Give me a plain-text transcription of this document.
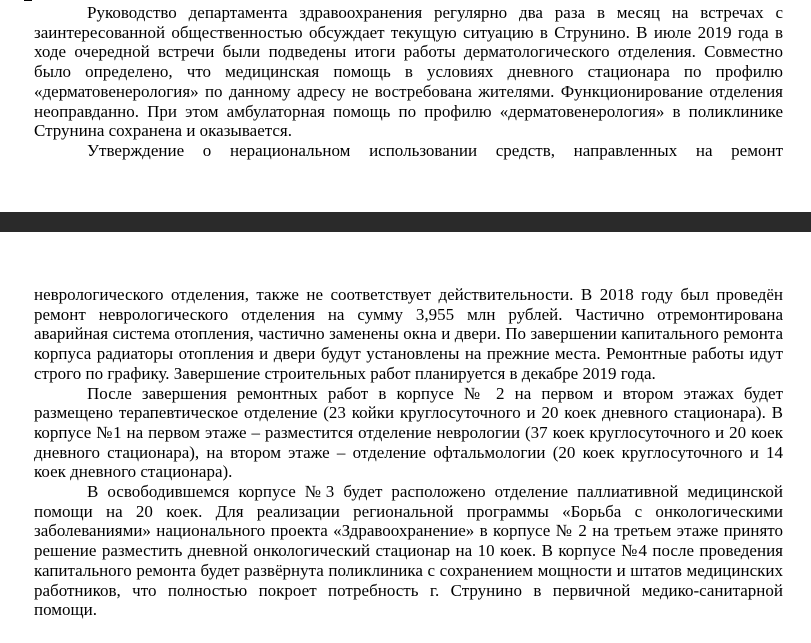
Руководство департамента здравоохранения регулярно два раза в месяц на встречах с заинтересованной общественностью обсуждает текущую ситуацию в Струнино. В июле 2019 года в ходе очередной встречи были подведены итоги работы дерматологического отделения. Совместно было определено, что медицинская помощь в условиях дневного стационара по профилю «дерматовенерология» по данному адресу не востребована жителями. Функционирование отделения неоправданно. При этом амбулаторная помощь по профилю «дерматовенерология» в поликлинике Струнина сохранена и оказывается.

Утверждение о нерациональном использовании средств, направленных на ремонт

неврологического отделения, также не соответствует действительности. В 2018 году был проведён ремонт неврологического отделения на сумму 3,955 млн рублей. Частично отремонтирована аварийная система отопления, частично заменены окна и двери. По завершении капитального ремонта корпуса радиаторы отопления и двери будут установлены на прежние места. Ремонтные работы идут строго по графику. Завершение строительных работ планируется в декабре 2019 года.

После завершения ремонтных работ в корпусе № 2 на первом и втором этажах будет размещено терапевтическое отделение (23 койки круглосуточного и 20 коек дневного стационара). В корпусе №1 на первом этаже – разместится отделение неврологии (37 коек круглосуточного и 20 коек дневного стационара), на втором этаже – отделение офтальмологии (20 коек круглосуточного и 14 коек дневного стационара).

В освободившемся корпусе №3 будет расположено отделение паллиативной медицинской помощи на 20 коек. Для реализации региональной программы «Борьба с онкологическими заболеваниями» национального проекта «Здравоохранение» в корпусе № 2 на третьем этаже принято решение разместить дневной онкологический стационар на 10 коек. В корпусе №4 после проведения капитального ремонта будет развёрнута поликлиника с сохранением мощности и штатов медицинских работников, что полностью покроет потребность г. Струнино в первичной медико-санитарной помощи.
